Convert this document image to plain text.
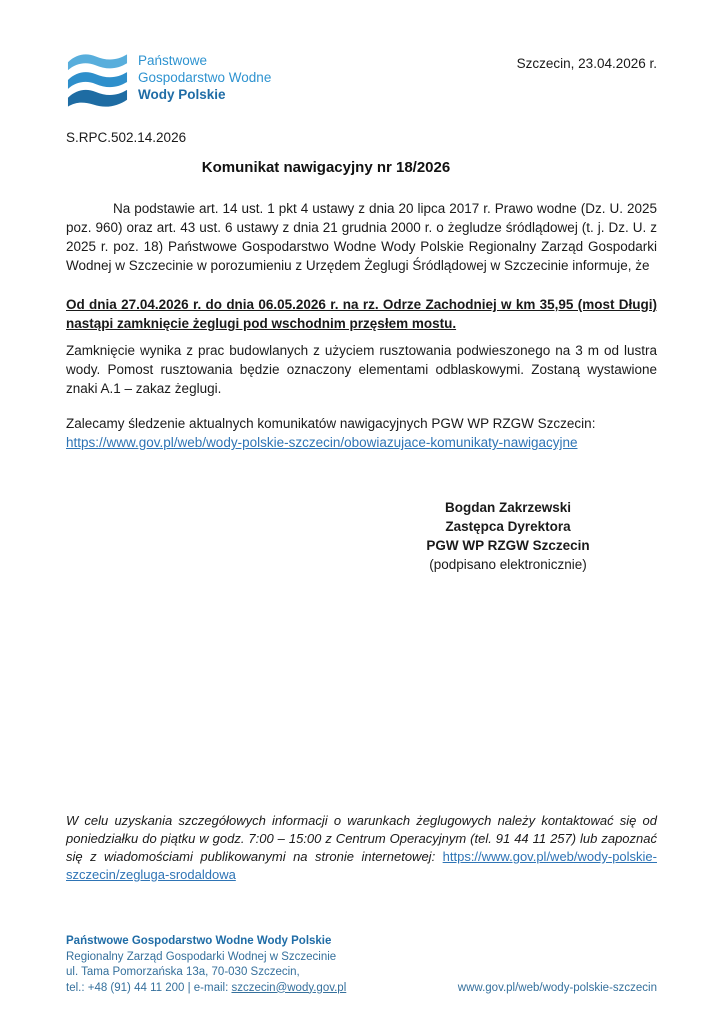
Państwowe
Gospodarstwo Wodne
Wody Polskie
Szczecin, 23.04.2026 r.
S.RPC.502.14.2026
Komunikat nawigacyjny nr 18/2026

Na podstawie art. 14 ust. 1 pkt 4 ustawy z dnia 20 lipca 2017 r. Prawo wodne (Dz. U. 2025 poz. 960) oraz art. 43 ust. 6 ustawy z dnia 21 grudnia 2000 r. o żegludze śródlądowej (t. j. Dz. U. z 2025 r. poz. 18) Państwowe Gospodarstwo Wodne Wody Polskie Regionalny Zarząd Gospodarki Wodnej w Szczecinie w porozumieniu z Urzędem Żeglugi Śródlądowej w Szczecinie informuje, że

Od dnia 27.04.2026 r. do dnia 06.05.2026 r. na rz. Odrze Zachodniej w km 35,95 (most Długi) nastąpi zamknięcie żeglugi pod wschodnim przęsłem mostu.

Zamknięcie wynika z prac budowlanych z użyciem rusztowania podwieszonego na 3 m od lustra wody. Pomost rusztowania będzie oznaczony elementami odblaskowymi. Zostaną wystawione znaki A.1 – zakaz żeglugi.

Zalecamy śledzenie aktualnych komunikatów nawigacyjnych PGW WP RZGW Szczecin:
https://www.gov.pl/web/wody-polskie-szczecin/obowiazujace-komunikaty-nawigacyjne

Bogdan Zakrzewski
Zastępca Dyrektora
PGW WP RZGW Szczecin
(podpisano elektronicznie)

W celu uzyskania szczegółowych informacji o warunkach żeglugowych należy kontaktować się od poniedziałku do piątku w godz. 7:00 – 15:00 z Centrum Operacyjnym (tel. 91 44 11 257) lub zapoznać się z wiadomościami publikowanymi na stronie internetowej: https://www.gov.pl/web/wody-polskie-szczecin/zegluga-srodaldowa

Państwowe Gospodarstwo Wodne Wody Polskie
Regionalny Zarząd Gospodarki Wodnej w Szczecinie
ul. Tama Pomorzańska 13a, 70-030 Szczecin,
tel.: +48 (91) 44 11 200 | e-mail: szczecin@wody.gov.pl	www.gov.pl/web/wody-polskie-szczecin
